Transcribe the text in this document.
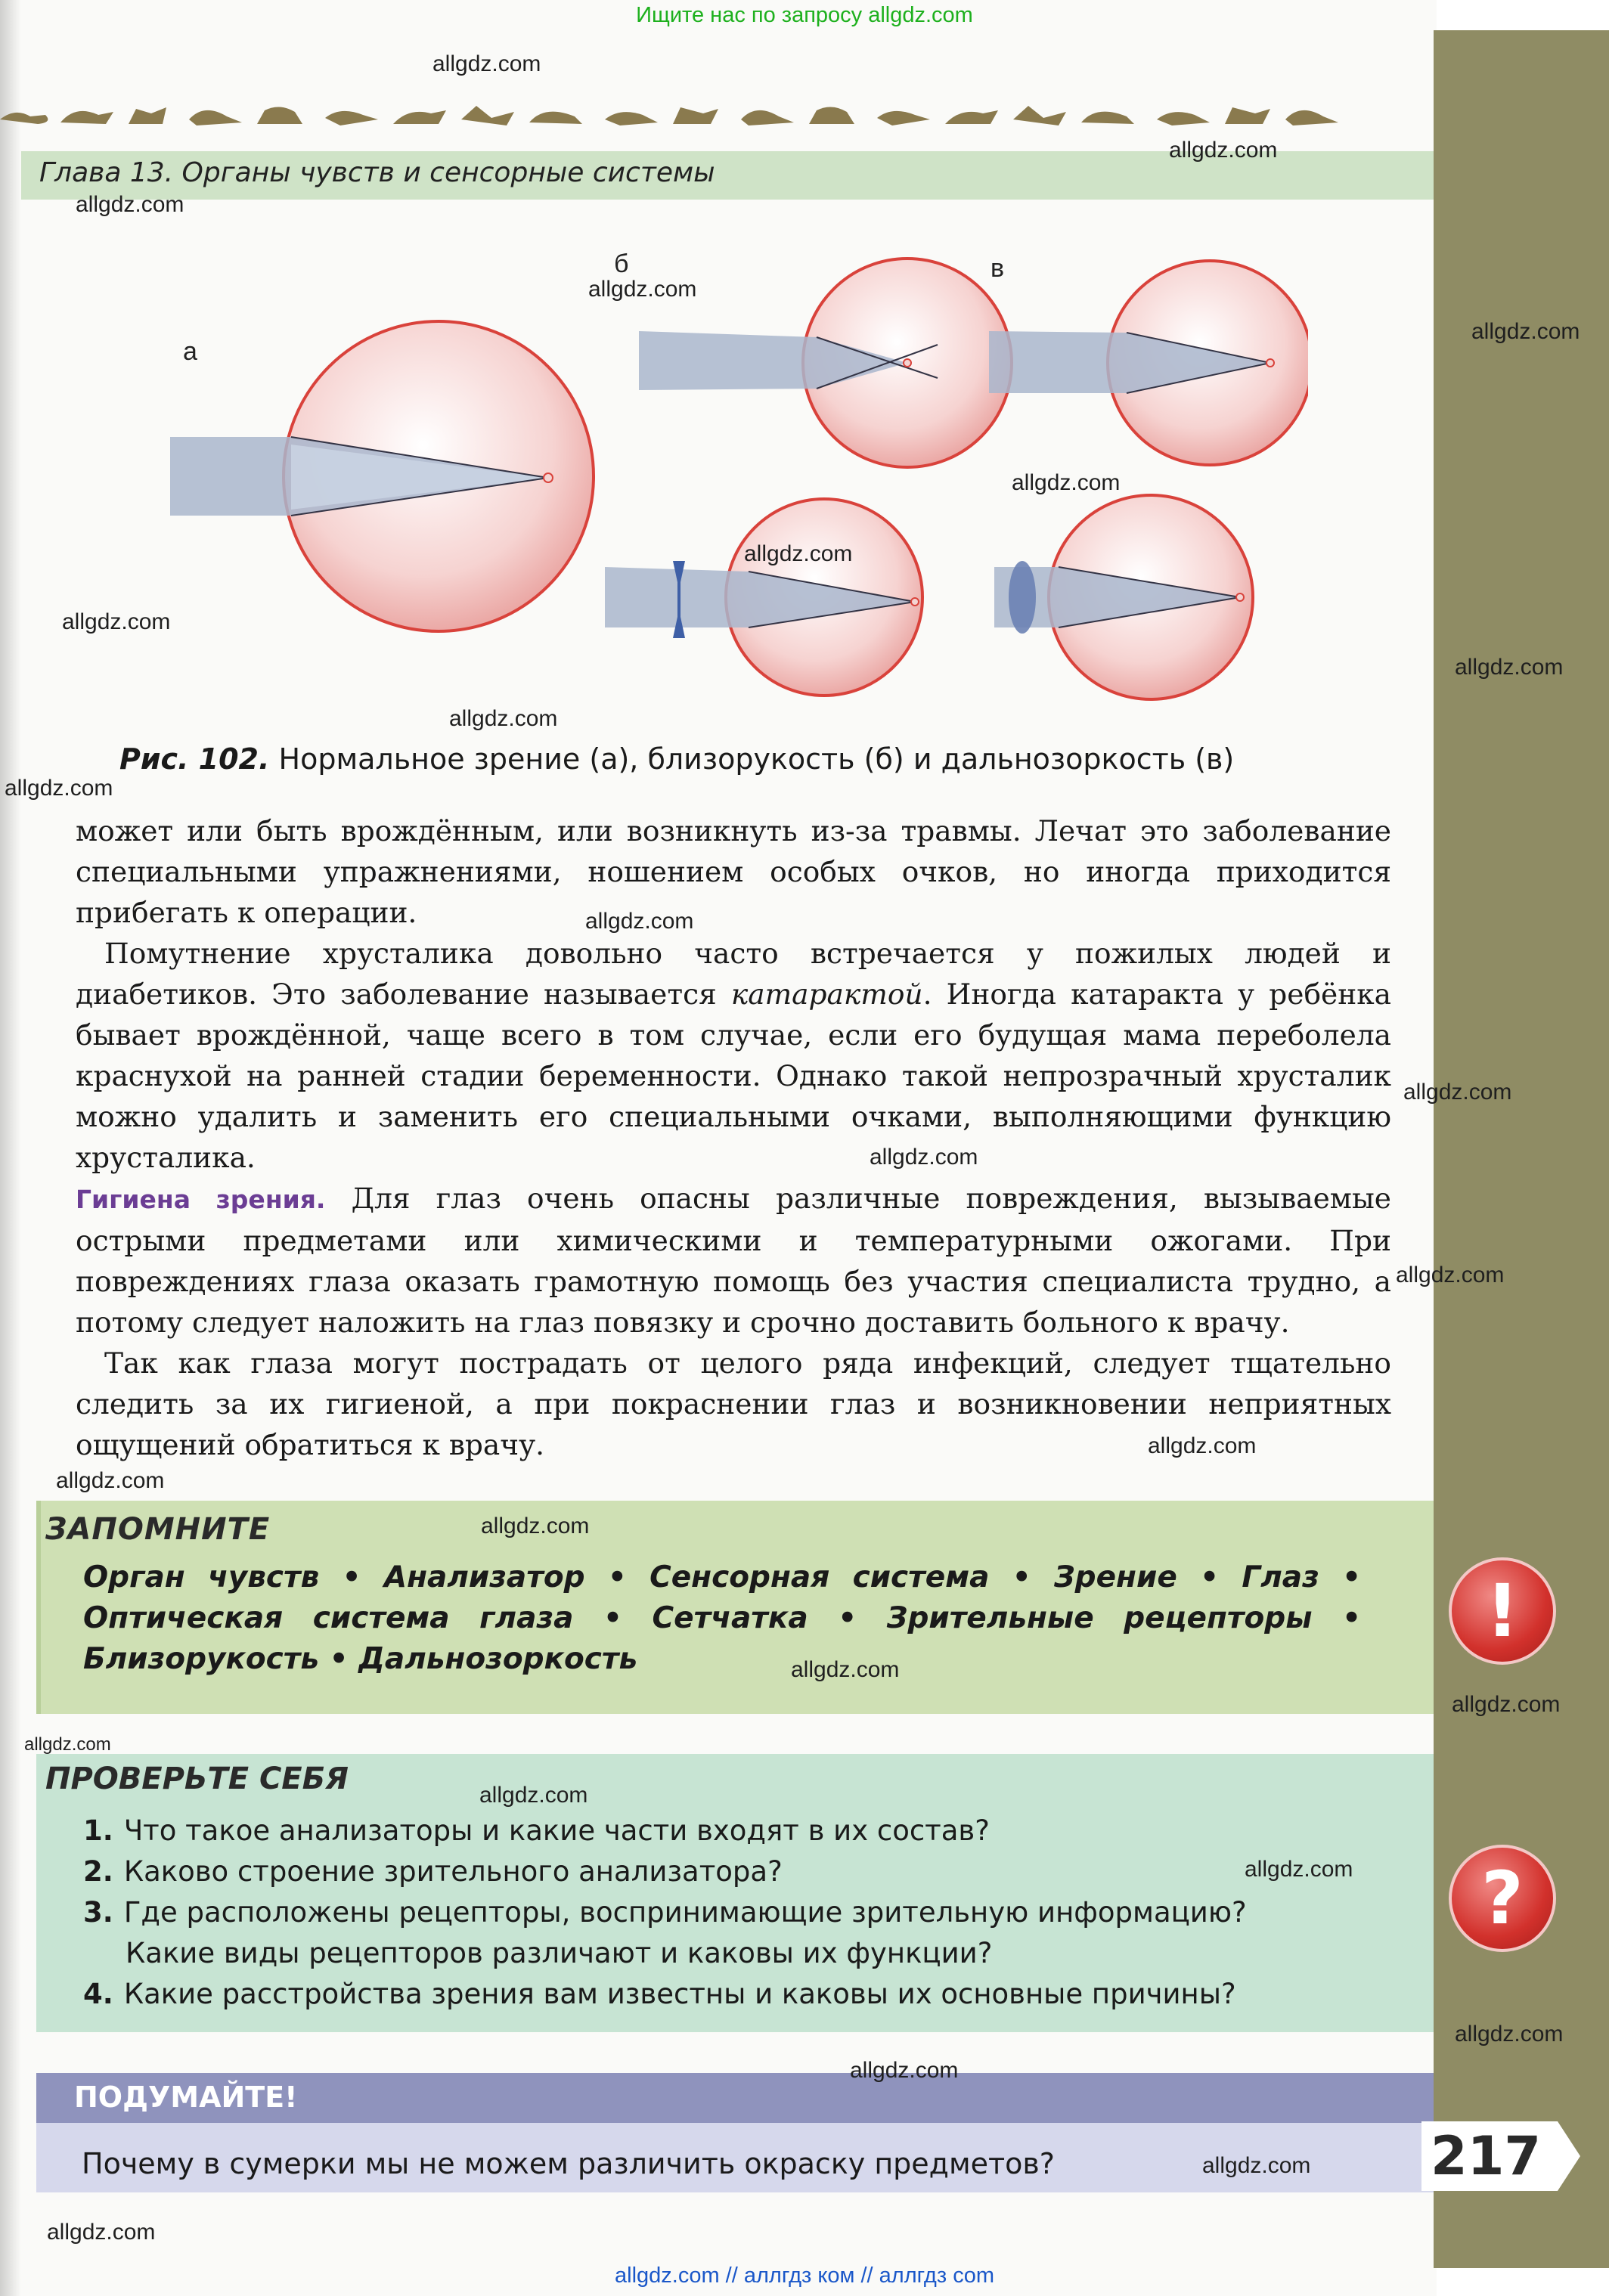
Ищите нас по запросу allgdz.com
Глава 13. Органы чувств и сенсорные системы
а
б	в
Рис. 102. Нормальное зрение (а), близорукость (б) и дальнозоркость (в)

может или быть врождённым, или возникнуть из-за травмы. Лечат это заболевание специальными упражнениями, ношением особых очков, но иногда приходится прибегать к операции.

Помутнение хрусталика довольно часто встречается у пожилых людей и диабетиков. Это заболевание называется катарактой. Иногда катаракта у ребёнка бывает врождённой, чаще всего в том случае, если его будущая мама переболела краснухой на ранней стадии беременности. Однако такой непрозрачный хрусталик можно удалить и заменить его специальными очками, выполняющими функцию хрусталика.

Гигиена зрения. Для глаз очень опасны различные повреждения, вызываемые острыми предметами или химическими и температурными ожогами. При повреждениях глаза оказать грамотную помощь без участия специалиста трудно, а потому следует наложить на глаз повязку и срочно доставить больного к врачу.

Так как глаза могут пострадать от целого ряда инфекций, следует тщательно следить за их гигиеной, а при покраснении глаз и возникновении неприятных ощущений обратиться к врачу.

ЗАПОМНИТЕ
Орган чувств • Анализатор • Сенсорная система • Зрение • Глаз •
Оптическая система глаза • Сетчатка • Зрительные рецепторы •
Близорукость • Дальнозоркость
ПРОВЕРЬТЕ СЕБЯ
1. Что такое анализаторы и какие части входят в их состав?
2. Каково строение зрительного анализатора?
3. Где расположены рецепторы, воспринимающие зрительную информацию?
Какие виды рецепторов различают и каковы их функции?
4. Какие расстройства зрения вам известны и каковы их основные причины?
ПОДУМАЙТЕ!
Почему в сумерки мы не можем различить окраску предметов?
!
?
217
allgdz.com
allgdz.com
allgdz.com
allgdz.com
allgdz.com
allgdz.com
allgdz.com
allgdz.com
allgdz.com
allgdz.com
allgdz.com
allgdz.com
allgdz.com
allgdz.com
allgdz.com
allgdz.com
allgdz.com
allgdz.com
allgdz.com
allgdz.com
allgdz.com
allgdz.com
allgdz.com
allgdz.com
allgdz.com
allgdz.com
allgdz.com
allgdz.com // аллгдз ком // аллгдз com
